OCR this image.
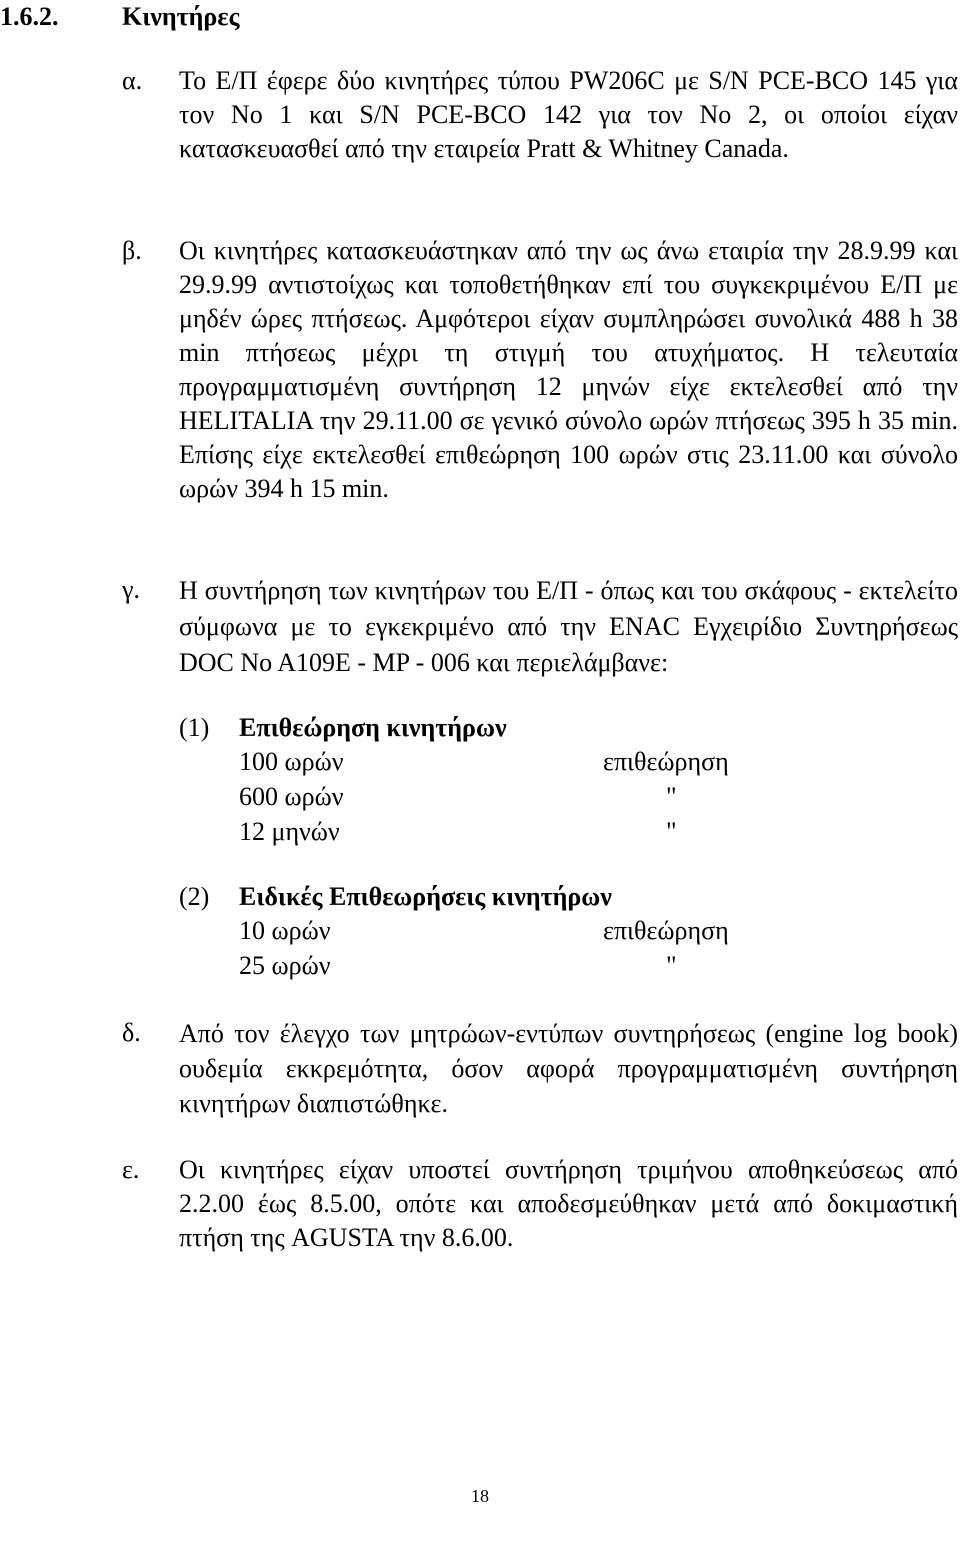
1.6.2.	Κινητήρες
α. Το Ε/Π έφερε δύο κινητήρες τύπου PW206C με S/N PCE-BCO 145 για τον No 1 και S/N PCE-BCO 142 για τον No 2, οι οποίοι είχαν κατασκευασθεί από την εταιρεία Pratt & Whitney Canada.
β. Οι κινητήρες κατασκευάστηκαν από την ως άνω εταιρία την 28.9.99 και 29.9.99 αντιστοίχως και τοποθετήθηκαν επί του συγκεκριμένου Ε/Π με μηδέν ώρες πτήσεως. Αμφότεροι είχαν συμπληρώσει συνολικά 488 h 38 min πτήσεως μέχρι τη στιγμή του ατυχήματος. Η τελευταία προγραμματισμένη συντήρηση 12 μηνών είχε εκτελεσθεί από την HELITALIA την 29.11.00 σε γενικό σύνολο ωρών πτήσεως 395 h 35 min. Επίσης είχε εκτελεσθεί επιθεώρηση 100 ωρών στις 23.11.00 και σύνολο ωρών 394 h 15 min.
γ. Η συντήρηση των κινητήρων του Ε/Π - όπως και του σκάφους - εκτελείτο σύμφωνα με το εγκεκριμένο από την ENAC Εγχειρίδιο Συντηρήσεως DOC No A109E - MP - 006 και περιελάμβανε:
(1)	Επιθεώρηση κινητήρων
100 ωρών	επιθεώρηση
600 ωρών	"
12 μηνών	"
(2)	Ειδικές Επιθεωρήσεις κινητήρων
10 ωρών	επιθεώρηση
25 ωρών	"
δ. Από τον έλεγχο των μητρώων-εντύπων συντηρήσεως (engine log book) ουδεμία εκκρεμότητα, όσον αφορά προγραμματισμένη συντήρηση κινητήρων διαπιστώθηκε.
ε. Οι κινητήρες είχαν υποστεί συντήρηση τριμήνου αποθηκεύσεως από 2.2.00 έως 8.5.00, οπότε και αποδεσμεύθηκαν μετά από δοκιμαστική πτήση της AGUSTA την 8.6.00.
18
